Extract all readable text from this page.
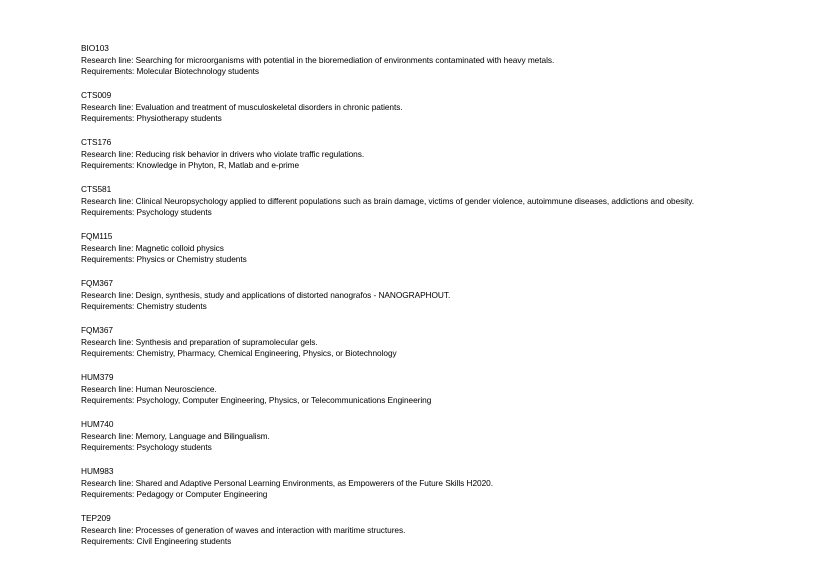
BIO103
Research line: Searching for microorganisms with potential in the bioremediation of environments contaminated with heavy metals.
Requirements: Molecular Biotechnology students
CTS009
Research line: Evaluation and treatment of musculoskeletal disorders in chronic patients.
Requirements: Physiotherapy students
CTS176
Research line: Reducing risk behavior in drivers who violate traffic regulations.
Requirements: Knowledge in Phyton, R, Matlab and e-prime
CTS581
Research line: Clinical Neuropsychology applied to different populations such as brain damage, victims of gender violence, autoimmune diseases, addictions and obesity.
Requirements: Psychology students
FQM115
Research line: Magnetic colloid physics
Requirements: Physics or Chemistry students
FQM367
Research line: Design, synthesis, study and applications of distorted nanografos - NANOGRAPHOUT.
Requirements: Chemistry students
FQM367
Research line: Synthesis and preparation of supramolecular gels.
Requirements: Chemistry, Pharmacy, Chemical Engineering, Physics, or Biotechnology
HUM379
Research line: Human Neuroscience.
Requirements: Psychology, Computer Engineering, Physics, or Telecommunications Engineering
HUM740
Research line: Memory, Language and Bilingualism.
Requirements: Psychology students
HUM983
Research line: Shared and Adaptive Personal Learning Environments, as Empowerers of the Future Skills H2020.
Requirements: Pedagogy or Computer Engineering
TEP209
Research line: Processes of generation of waves and interaction with maritime structures.
Requirements: Civil Engineering students
